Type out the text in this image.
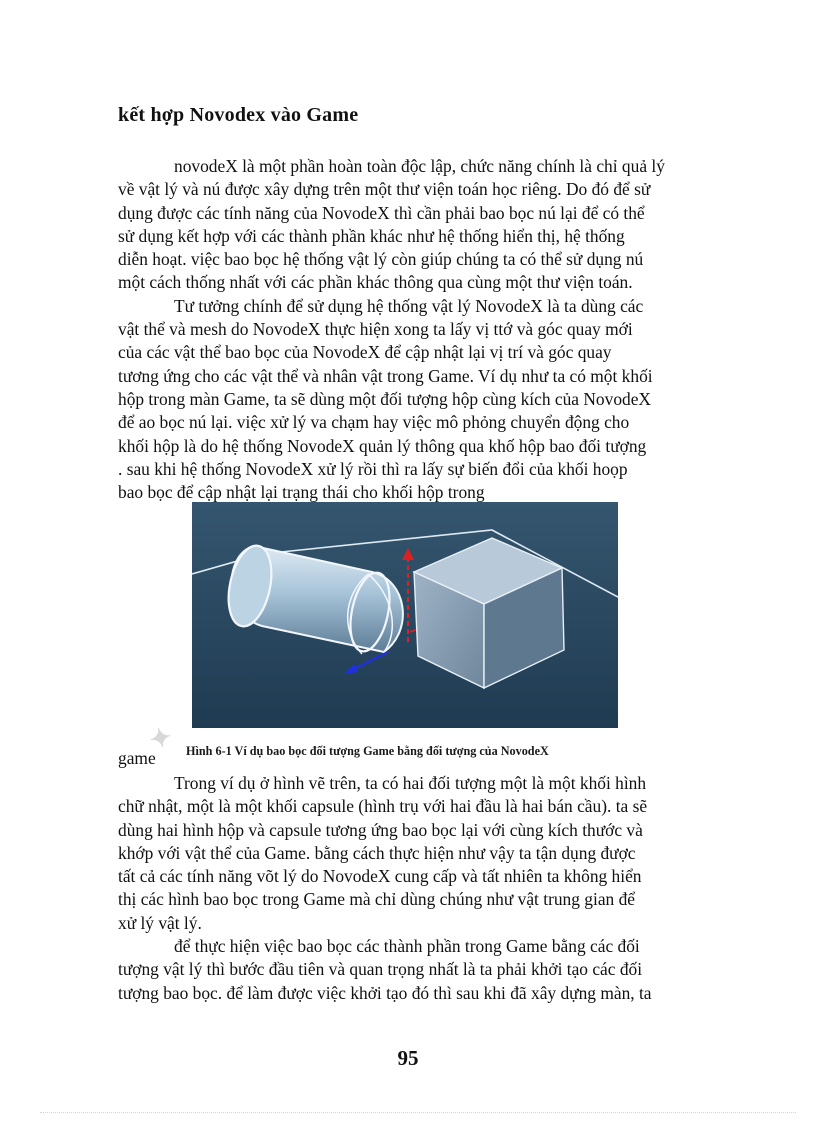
kết hợp Novodex vào Game
novodeX là một phần hoàn toàn độc lập, chức năng chính là chỉ quả lý
về vật lý và nú được xây dựng trên một thư viện toán học riêng. Do đó để sử
dụng được các tính năng của NovodeX thì cần phải bao bọc nú lại để có thể
sử dụng kết hợp với các thành phần khác như hệ thống hiển thị, hệ thống
diễn hoạt. việc bao bọc hệ thống vật lý còn giúp chúng ta có thể sử dụng nú
một cách thống nhất với các phần khác thông qua cùng một thư viện toán.
Tư tưởng chính để sử dụng hệ thống vật lý NovodeX là ta dùng các
vật thể và mesh do NovodeX thực hiện xong ta lấy vị ttớ và góc quay mới
của các vật thể bao bọc của NovodeX để cập nhật lại vị trí và góc quay
tương ứng cho các vật thể và nhân vật trong Game. Ví dụ như ta có một khối
hộp trong màn Game, ta sẽ dùng một đối tượng hộp cùng kích của NovodeX
để ao bọc nú lại. việc xử lý va chạm hay việc mô phỏng chuyển động cho
khối hộp là do hệ thống NovodeX quản lý thông qua khố hộp bao đối tượng
. sau khi hệ thống NovodeX xử lý rồi thì ra lấy sự biến đổi của khối hoọp
bao bọc để cập nhật lại trạng thái cho khối hộp trong
✦
game Hình 6-1 Ví dụ bao bọc đối tượng Game bằng đối tượng của NovodeX
Trong ví dụ ở hình vẽ trên, ta có hai đối tượng một là một khối hình
chữ nhật, một là một khối capsule (hình trụ với hai đầu là hai bán cầu). ta sẽ
dùng hai hình hộp và capsule tương ứng bao bọc lại với cùng kích thước và
khớp với vật thể của Game. bằng cách thực hiện như vậy ta tận dụng được
tất cả các tính năng võt lý do NovodeX cung cấp và tất nhiên ta không hiển
thị các hình bao bọc trong Game mà chỉ dùng chúng như vật trung gian để
xử lý vật lý.
để thực hiện việc bao bọc các thành phần trong Game bằng các đối
tượng vật lý thì bước đầu tiên và quan trọng nhất là ta phải khởi tạo các đối
tượng bao bọc. để làm được việc khởi tạo đó thì sau khi đã xây dựng màn, ta
95
